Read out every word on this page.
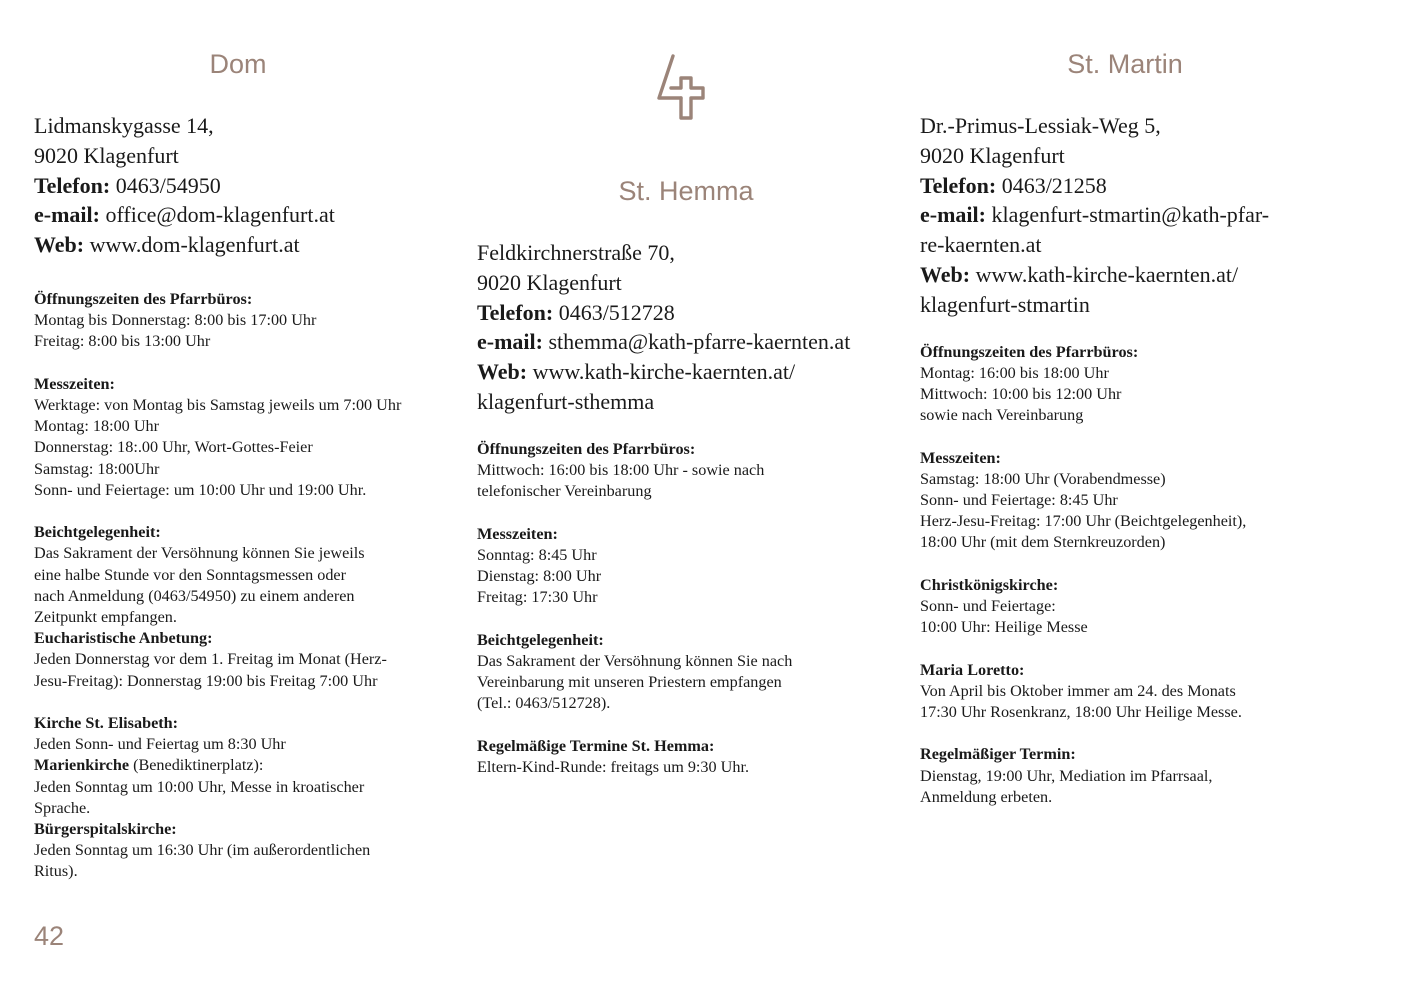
Dom
Lidmanskygasse 14,
9020 Klagenfurt
Telefon: 0463/54950
e-mail: office@dom-klagenfurt.at
Web: www.dom-klagenfurt.at
Öffnungszeiten des Pfarrbüros:
Montag bis Donnerstag: 8:00 bis 17:00 Uhr
Freitag: 8:00 bis 13:00 Uhr
Messzeiten:
Werktage: von Montag bis Samstag jeweils um 7:00 Uhr
Montag: 18:00 Uhr
Donnerstag: 18:.00 Uhr, Wort-Gottes-Feier
Samstag: 18:00Uhr
Sonn- und Feiertage: um 10:00 Uhr und 19:00 Uhr.
Beichtgelegenheit:
Das Sakrament der Versöhnung können Sie jeweils
eine halbe Stunde vor den Sonntagsmessen oder
nach Anmeldung (0463/54950) zu einem anderen
Zeitpunkt empfangen.
Eucharistische Anbetung:
Jeden Donnerstag vor dem 1. Freitag im Monat (Herz-
Jesu-Freitag): Donnerstag 19:00 bis Freitag 7:00 Uhr
Kirche St. Elisabeth:
Jeden Sonn- und Feiertag um 8:30 Uhr
Marienkirche (Benediktinerplatz):
Jeden Sonntag um 10:00 Uhr, Messe in kroatischer
Sprache.
Bürgerspitalskirche:
Jeden Sonntag um 16:30 Uhr (im außerordentlichen
Ritus).
St. Hemma
Feldkirchnerstraße 70,
9020 Klagenfurt
Telefon: 0463/512728
e-mail: sthemma@kath-pfarre-kaernten.at
Web: www.kath-kirche-kaernten.at/
klagenfurt-sthemma
Öffnungszeiten des Pfarrbüros:
Mittwoch: 16:00 bis 18:00 Uhr - sowie nach
telefonischer Vereinbarung
Messzeiten:
Sonntag: 8:45 Uhr
Dienstag: 8:00 Uhr
Freitag: 17:30 Uhr
Beichtgelegenheit:
Das Sakrament der Versöhnung können Sie nach
Vereinbarung mit unseren Priestern empfangen
(Tel.: 0463/512728).
Regelmäßige Termine St. Hemma:
Eltern-Kind-Runde: freitags um 9:30 Uhr.
St. Martin
Dr.-Primus-Lessiak-Weg 5,
9020 Klagenfurt
Telefon: 0463/21258
e-mail: klagenfurt-stmartin@kath-pfar-
re-kaernten.at
Web: www.kath-kirche-kaernten.at/
klagenfurt-stmartin
Öffnungszeiten des Pfarrbüros:
Montag: 16:00 bis 18:00 Uhr
Mittwoch: 10:00 bis 12:00 Uhr
sowie nach Vereinbarung
Messzeiten:
Samstag: 18:00 Uhr (Vorabendmesse)
Sonn- und Feiertage: 8:45 Uhr
Herz-Jesu-Freitag: 17:00 Uhr (Beichtgelegenheit),
18:00 Uhr (mit dem Sternkreuzorden)
Christkönigskirche:
Sonn- und Feiertage:
10:00 Uhr: Heilige Messe
Maria Loretto:
Von April bis Oktober immer am 24. des Monats
17:30 Uhr Rosenkranz, 18:00 Uhr Heilige Messe.
Regelmäßiger Termin:
Dienstag, 19:00 Uhr, Mediation im Pfarrsaal,
Anmeldung erbeten.
42
